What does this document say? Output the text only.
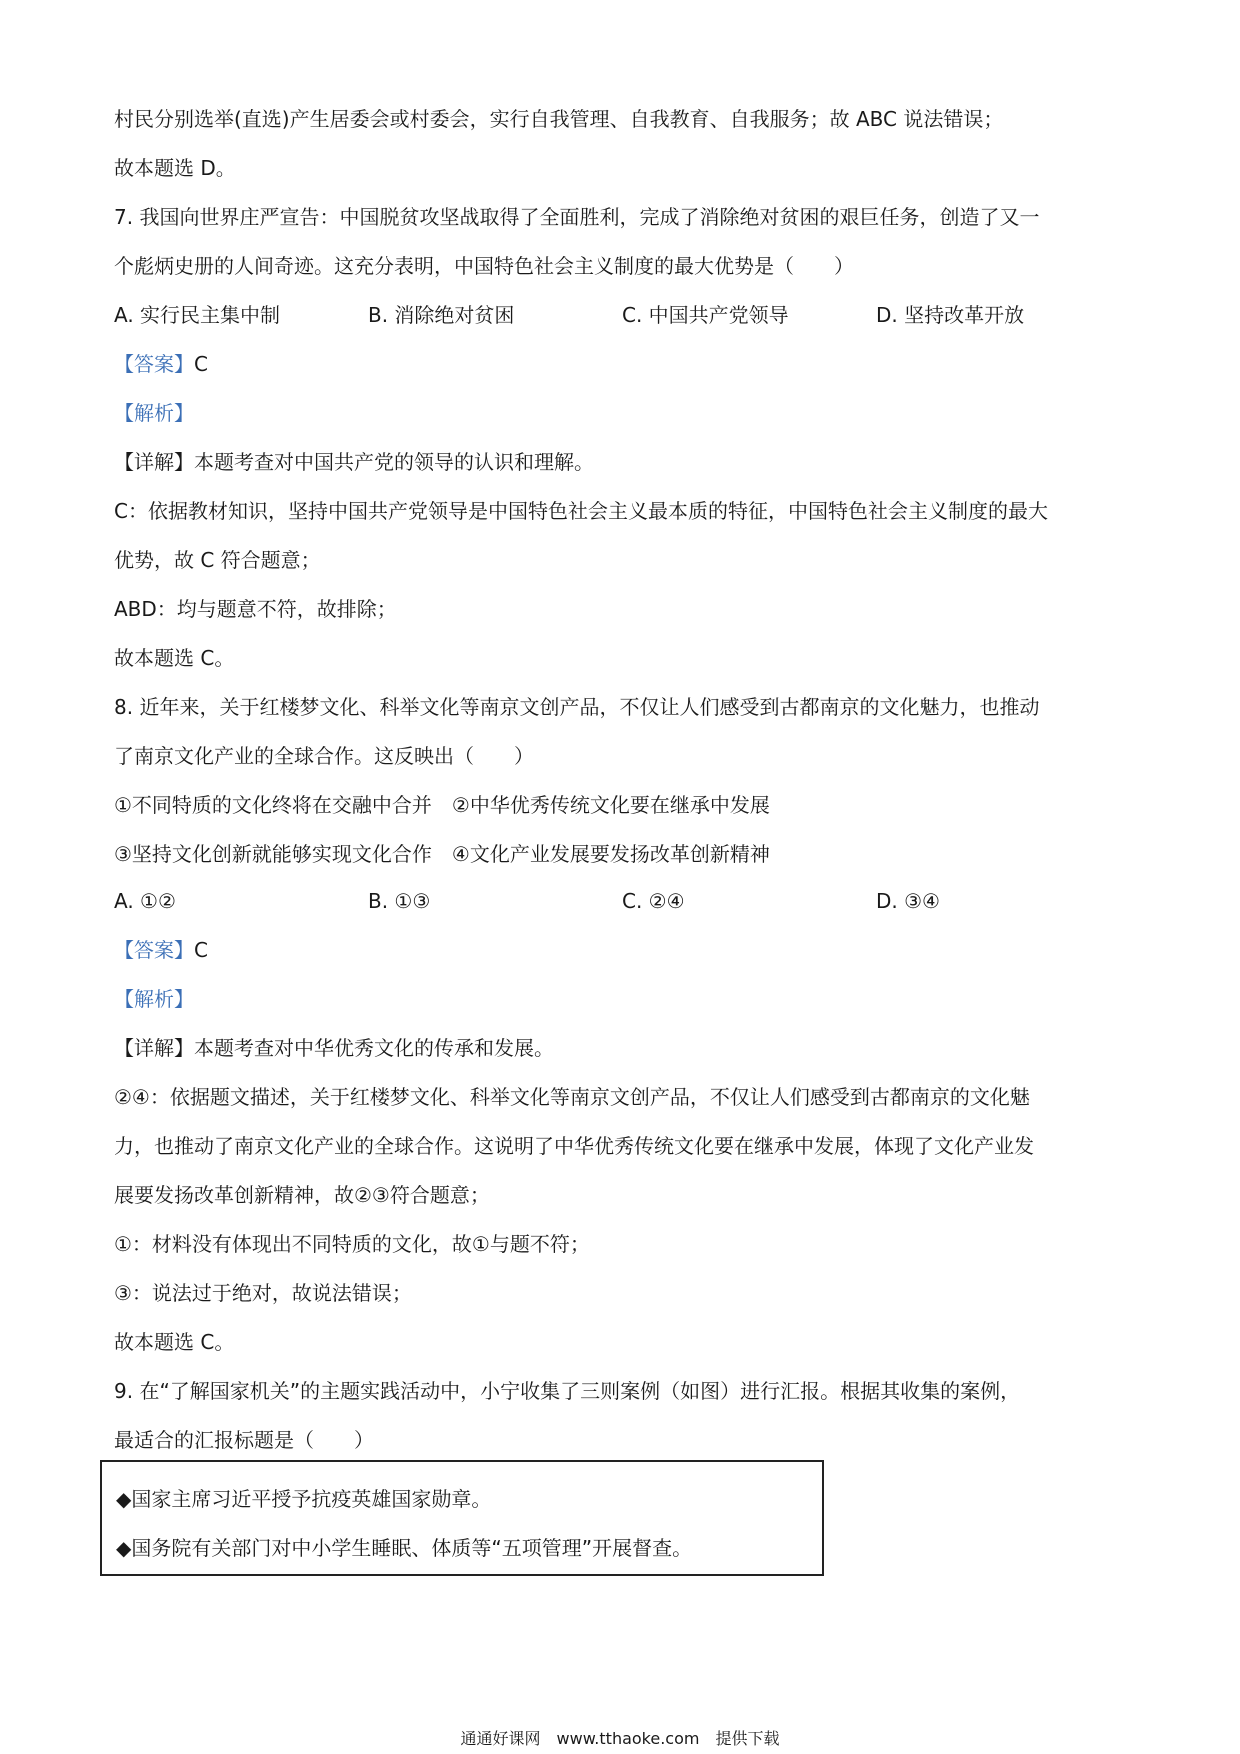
村民分别选举(直选)产生居委会或村委会，实行自我管理、自我教育、自我服务；故 ABC 说法错误；
故本题选 D。
7. 我国向世界庄严宣告：中国脱贫攻坚战取得了全面胜利，完成了消除绝对贫困的艰巨任务，创造了又一
个彪炳史册的人间奇迹。这充分表明，中国特色社会主义制度的最大优势是（　　）
A. 实行民主集中制	B. 消除绝对贫困	C. 中国共产党领导	D. 坚持改革开放
【答案】C
【解析】
【详解】本题考查对中国共产党的领导的认识和理解。
C：依据教材知识，坚持中国共产党领导是中国特色社会主义最本质的特征，中国特色社会主义制度的最大
优势，故 C 符合题意；
ABD：均与题意不符，故排除；
故本题选 C。
8. 近年来，关于红楼梦文化、科举文化等南京文创产品，不仅让人们感受到古都南京的文化魅力，也推动
了南京文化产业的全球合作。这反映出（　　）
①不同特质的文化终将在交融中合并　②中华优秀传统文化要在继承中发展
③坚持文化创新就能够实现文化合作　④文化产业发展要发扬改革创新精神
A. ①②	B. ①③	C. ②④	D. ③④
【答案】C
【解析】
【详解】本题考查对中华优秀文化的传承和发展。
②④：依据题文描述，关于红楼梦文化、科举文化等南京文创产品，不仅让人们感受到古都南京的文化魅
力，也推动了南京文化产业的全球合作。这说明了中华优秀传统文化要在继承中发展，体现了文化产业发
展要发扬改革创新精神，故②③符合题意；
①：材料没有体现出不同特质的文化，故①与题不符；
③：说法过于绝对，故说法错误；
故本题选 C。
9. 在“了解国家机关”的主题实践活动中，小宁收集了三则案例（如图）进行汇报。根据其收集的案例，
最适合的汇报标题是（　　）
◆国家主席习近平授予抗疫英雄国家勋章。
◆国务院有关部门对中小学生睡眠、体质等“五项管理”开展督查。
通通好课网　www.tthaoke.com　提供下载
